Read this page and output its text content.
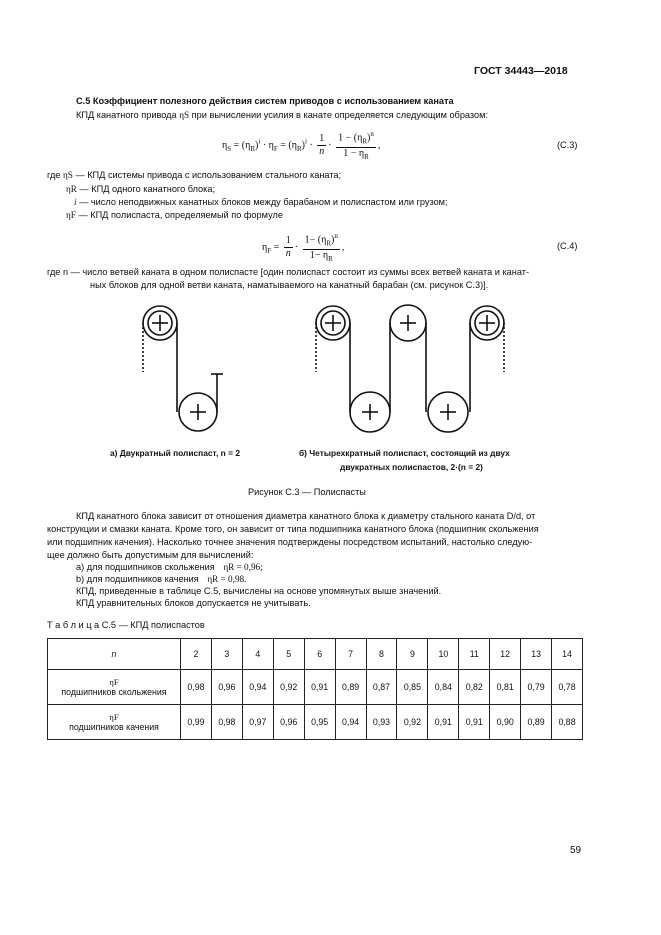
ГОСТ 34443—2018
С.5 Коэффициент полезного действия систем приводов с использованием каната
КПД канатного привода ηS при вычислении усилия в канате определяется следующим образом:
$\eta_S = (\eta_R)^i \cdot \eta_F = (\eta_R)^i \cdot \frac{1}{n} \cdot \frac{1 - (\eta_R)^n}{1 - \eta_R}$ ,	(С.3)
где ηS — КПД системы привода с использованием стального каната;
ηR — КПД одного канатного блока;
i — число неподвижных канатных блоков между барабаном и полиспастом или грузом;
ηF — КПД полиспаста, определяемый по формуле
$\eta_F = \frac{1}{n} \cdot \frac{1- (\eta_R)^n}{1- \eta_R}$ ,	(С.4)
где n — число ветвей каната в одном полиспасте [один полиспаст состоит из суммы всех ветвей каната и канат-
ных блоков для одной ветви каната, наматываемого на канатный барабан (см. рисунок С.3)].
а) Двукратный полиспаст, n = 2	б) Четырехкратный полиспаст, состоящий из двух
двукратных полиспастов, 2·(n = 2)
Рисунок С.3 — Полиспасты
КПД канатного блока зависит от отношения диаметра канатного блока к диаметру стального каната D/d, от
конструкции и смазки каната. Кроме того, он зависит от типа подшипника канатного блока (подшипник скольжения
или подшипник качения). Насколько точнее значения подтверждены посредством испытаний, настолько следую-
щее должно быть допустимым для вычислений:
а) для подшипников скольжения ηR = 0,96;
b) для подшипников качения ηR = 0,98.
КПД, приведенные в таблице С.5, вычислены на основе упомянутых выше значений.
КПД уравнительных блоков допускается не учитывать.
Т а б л и ц а С.5 — КПД полиспастов
n	2	3	4	5	6	7	8	9	10	11	12	13	14

ηF
подшипников скольжения	0,98	0,96	0,94	0,92	0,91	0,89	0,87	0,85	0,84	0,82	0,81	0,79	0,78

ηF
подшипников качения	0,99	0,98	0,97	0,96	0,95	0,94	0,93	0,92	0,91	0,91	0,90	0,89	0,88
59
